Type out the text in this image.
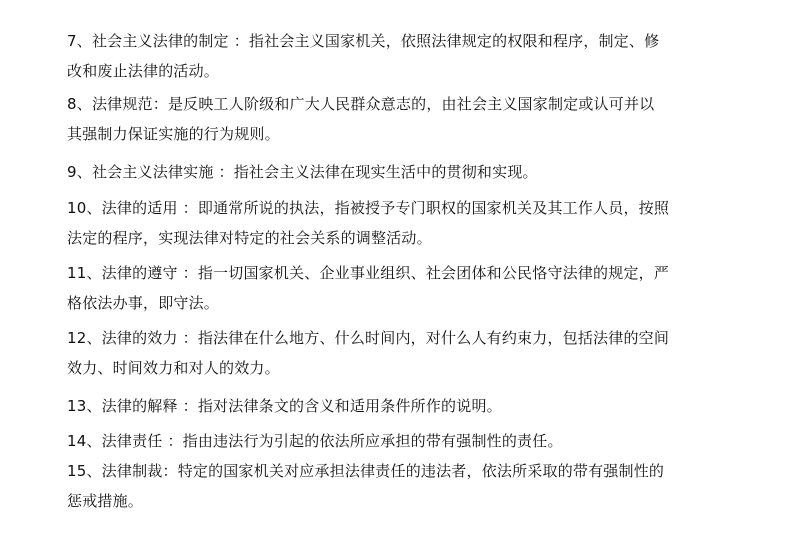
7、社会主义法律的制定 ：指社会主义国家机关，依照法律规定的权限和程序，制定、修
改和废止法律的活动。
8、法律规范：是反映工人阶级和广大人民群众意志的，由社会主义国家制定或认可并以
其强制力保证实施的行为规则。
9、社会主义法律实施 ：指社会主义法律在现实生活中的贯彻和实现。
10、法律的适用 ：即通常所说的执法，指被授予专门职权的国家机关及其工作人员，按照
法定的程序，实现法律对特定的社会关系的调整活动。
11、法律的遵守 ：指一切国家机关、企业事业组织、社会团体和公民恪守法律的规定，严
格依法办事，即守法。
12、法律的效力 ：指法律在什么地方、什么时间内，对什么人有约束力，包括法律的空间
效力、时间效力和对人的效力。
13、法律的解释 ：指对法律条文的含义和适用条件所作的说明。
14、法律责任 ：指由违法行为引起的依法所应承担的带有强制性的责任。
15、法律制裁：特定的国家机关对应承担法律责任的违法者，依法所采取的带有强制性的
惩戒措施。
